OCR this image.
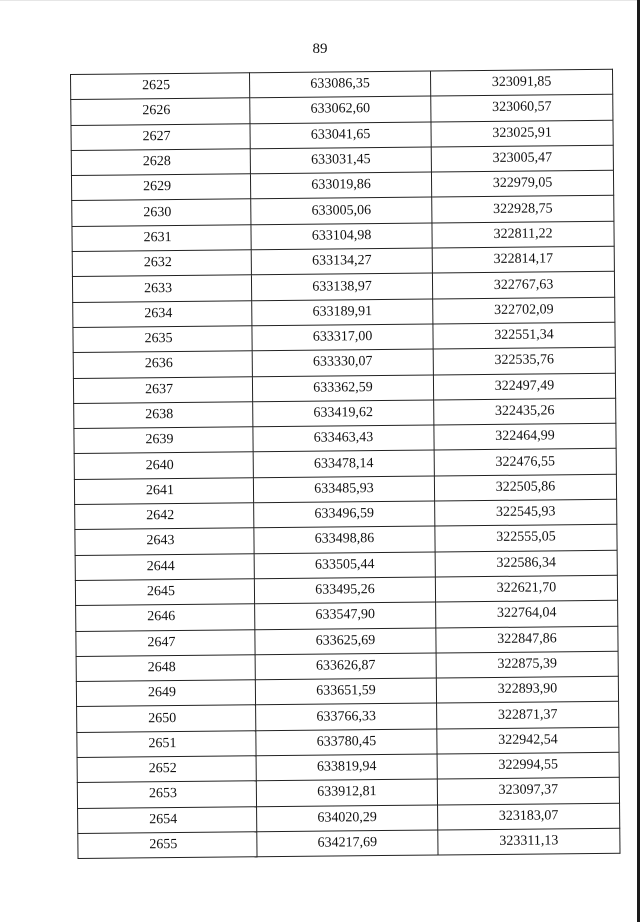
89
2625	633086,35	323091,85
2626	633062,60	323060,57
2627	633041,65	323025,91
2628	633031,45	323005,47
2629	633019,86	322979,05
2630	633005,06	322928,75
2631	633104,98	322811,22
2632	633134,27	322814,17
2633	633138,97	322767,63
2634	633189,91	322702,09
2635	633317,00	322551,34
2636	633330,07	322535,76
2637	633362,59	322497,49
2638	633419,62	322435,26
2639	633463,43	322464,99
2640	633478,14	322476,55
2641	633485,93	322505,86
2642	633496,59	322545,93
2643	633498,86	322555,05
2644	633505,44	322586,34
2645	633495,26	322621,70
2646	633547,90	322764,04
2647	633625,69	322847,86
2648	633626,87	322875,39
2649	633651,59	322893,90
2650	633766,33	322871,37
2651	633780,45	322942,54
2652	633819,94	322994,55
2653	633912,81	323097,37
2654	634020,29	323183,07
2655	634217,69	323311,13
